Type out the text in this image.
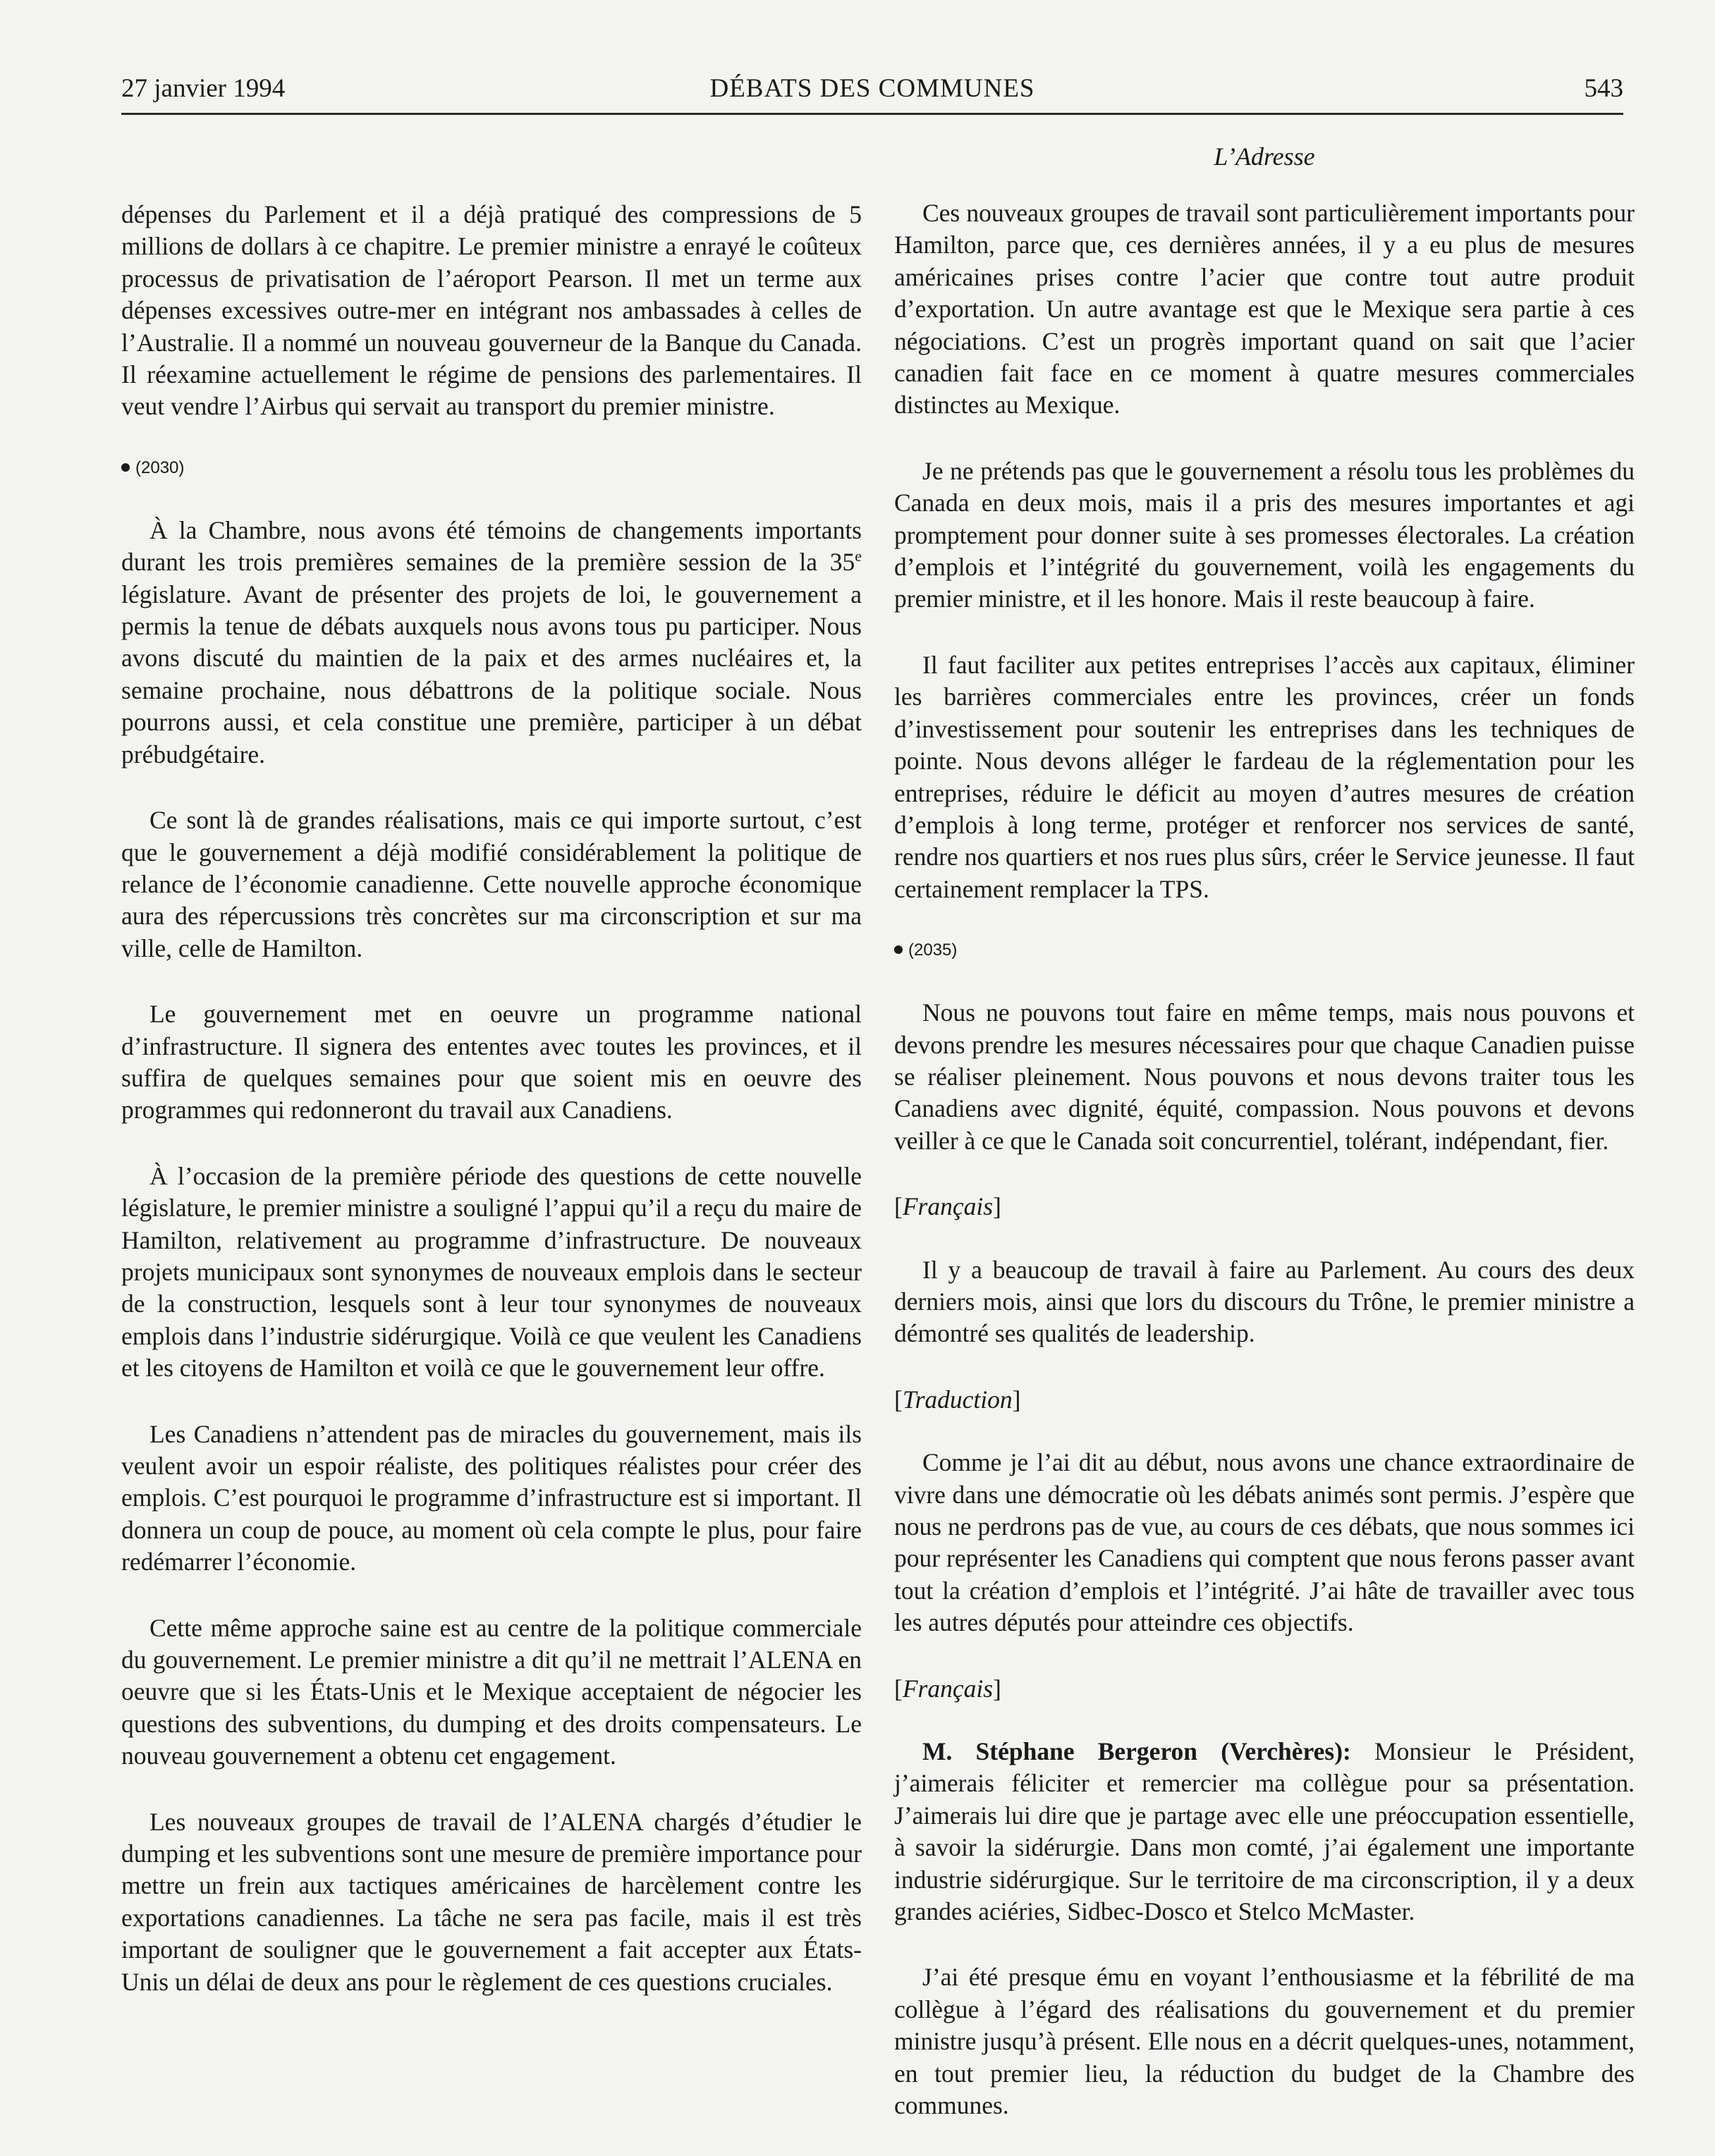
27 janvier 1994	DÉBATS DES COMMUNES	543

dépenses du Parlement et il a déjà pratiqué des compressions de 5 millions de dollars à ce chapitre. Le premier ministre a enrayé le coûteux processus de privatisation de l’aéroport Pearson. Il met un terme aux dépenses excessives outre-mer en intégrant nos ambassades à celles de l’Australie. Il a nommé un nouveau gouverneur de la Banque du Canada. Il réexamine actuellement le régime de pensions des parlementaires. Il veut vendre l’Airbus qui servait au transport du premier ministre.

(2030)

À la Chambre, nous avons été témoins de changements importants durant les trois premières semaines de la première session de la 35e législature. Avant de présenter des projets de loi, le gouvernement a permis la tenue de débats auxquels nous avons tous pu participer. Nous avons discuté du maintien de la paix et des armes nucléaires et, la semaine prochaine, nous débattrons de la politique sociale. Nous pourrons aussi, et cela constitue une première, participer à un débat prébudgétaire.

Ce sont là de grandes réalisations, mais ce qui importe surtout, c’est que le gouvernement a déjà modifié considérablement la politique de relance de l’économie canadienne. Cette nouvelle approche économique aura des répercussions très concrètes sur ma circonscription et sur ma ville, celle de Hamilton.

Le gouvernement met en oeuvre un programme national d’infrastructure. Il signera des ententes avec toutes les provinces, et il suffira de quelques semaines pour que soient mis en oeuvre des programmes qui redonneront du travail aux Canadiens.

À l’occasion de la première période des questions de cette nouvelle législature, le premier ministre a souligné l’appui qu’il a reçu du maire de Hamilton, relativement au programme d’infrastructure. De nouveaux projets municipaux sont synonymes de nouveaux emplois dans le secteur de la construction, lesquels sont à leur tour synonymes de nouveaux emplois dans l’industrie sidérurgique. Voilà ce que veulent les Canadiens et les citoyens de Hamilton et voilà ce que le gouvernement leur offre.

Les Canadiens n’attendent pas de miracles du gouvernement, mais ils veulent avoir un espoir réaliste, des politiques réalistes pour créer des emplois. C’est pourquoi le programme d’infrastructure est si important. Il donnera un coup de pouce, au moment où cela compte le plus, pour faire redémarrer l’économie.

Cette même approche saine est au centre de la politique commerciale du gouvernement. Le premier ministre a dit qu’il ne mettrait l’ALENA en oeuvre que si les États-Unis et le Mexique acceptaient de négocier les questions des subventions, du dumping et des droits compensateurs. Le nouveau gouvernement a obtenu cet engagement.

Les nouveaux groupes de travail de l’ALENA chargés d’étudier le dumping et les subventions sont une mesure de première importance pour mettre un frein aux tactiques américaines de harcèlement contre les exportations canadiennes. La tâche ne sera pas facile, mais il est très important de souligner que le gouvernement a fait accepter aux États-Unis un délai de deux ans pour le règlement de ces questions cruciales.

L’Adresse

Ces nouveaux groupes de travail sont particulièrement importants pour Hamilton, parce que, ces dernières années, il y a eu plus de mesures américaines prises contre l’acier que contre tout autre produit d’exportation. Un autre avantage est que le Mexique sera partie à ces négociations. C’est un progrès important quand on sait que l’acier canadien fait face en ce moment à quatre mesures commerciales distinctes au Mexique.

Je ne prétends pas que le gouvernement a résolu tous les problèmes du Canada en deux mois, mais il a pris des mesures importantes et agi promptement pour donner suite à ses promesses électorales. La création d’emplois et l’intégrité du gouvernement, voilà les engagements du premier ministre, et il les honore. Mais il reste beaucoup à faire.

Il faut faciliter aux petites entreprises l’accès aux capitaux, éliminer les barrières commerciales entre les provinces, créer un fonds d’investissement pour soutenir les entreprises dans les techniques de pointe. Nous devons alléger le fardeau de la réglementation pour les entreprises, réduire le déficit au moyen d’autres mesures de création d’emplois à long terme, protéger et renforcer nos services de santé, rendre nos quartiers et nos rues plus sûrs, créer le Service jeunesse. Il faut certainement remplacer la TPS.

(2035)

Nous ne pouvons tout faire en même temps, mais nous pouvons et devons prendre les mesures nécessaires pour que chaque Canadien puisse se réaliser pleinement. Nous pouvons et nous devons traiter tous les Canadiens avec dignité, équité, compassion. Nous pouvons et devons veiller à ce que le Canada soit concurrentiel, tolérant, indépendant, fier.

[Français]

Il y a beaucoup de travail à faire au Parlement. Au cours des deux derniers mois, ainsi que lors du discours du Trône, le premier ministre a démontré ses qualités de leadership.

[Traduction]

Comme je l’ai dit au début, nous avons une chance extraordinaire de vivre dans une démocratie où les débats animés sont permis. J’espère que nous ne perdrons pas de vue, au cours de ces débats, que nous sommes ici pour représenter les Canadiens qui comptent que nous ferons passer avant tout la création d’emplois et l’intégrité. J’ai hâte de travailler avec tous les autres députés pour atteindre ces objectifs.

[Français]

M. Stéphane Bergeron (Verchères): Monsieur le Président, j’aimerais féliciter et remercier ma collègue pour sa présentation. J’aimerais lui dire que je partage avec elle une préoccupation essentielle, à savoir la sidérurgie. Dans mon comté, j’ai également une importante industrie sidérurgique. Sur le territoire de ma circonscription, il y a deux grandes aciéries, Sidbec-Dosco et Stelco McMaster.

J’ai été presque ému en voyant l’enthousiasme et la fébrilité de ma collègue à l’égard des réalisations du gouvernement et du premier ministre jusqu’à présent. Elle nous en a décrit quelques-unes, notamment, en tout premier lieu, la réduction du budget de la Chambre des communes.
